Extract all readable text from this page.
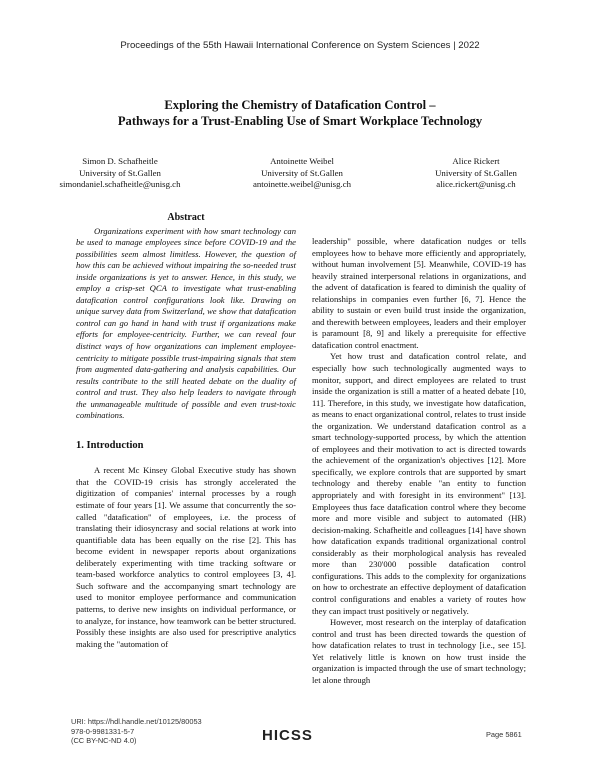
Proceedings of the 55th Hawaii International Conference on System Sciences | 2022
Exploring the Chemistry of Datafication Control –
Pathways for a Trust-Enabling Use of Smart Workplace Technology
Simon D. Schafheitle
University of St.Gallen
simondaniel.schafheitle@unisg.ch
Antoinette Weibel
University of St.Gallen
antoinette.weibel@unisg.ch
Alice Rickert
University of St.Gallen
alice.rickert@unisg.ch
Abstract

Organizations experiment with how smart technology can be used to manage employees since before COVID-19 and the possibilities seem almost limitless. However, the question of how this can be achieved without impairing the so-needed trust inside organizations is yet to answer. Hence, in this study, we employ a crisp-set QCA to investigate what trust-enabling datafication control configurations look like. Drawing on unique survey data from Switzerland, we show that datafication control can go hand in hand with trust if organizations make efforts for employee-centricity. Further, we can reveal four distinct ways of how organizations can implement employee-centricity to mitigate possible trust-impairing signals that stem from augmented data-gathering and analysis capabilities. Our results contribute to the still heated debate on the duality of control and trust. They also help leaders to navigate through the unmanageable multitude of possible and even trust-toxic combinations.

1. Introduction

A recent Mc Kinsey Global Executive study has shown that the COVID-19 crisis has strongly accelerated the digitization of companies' internal processes by a rough estimate of four years [1]. We assume that concurrently the so-called "datafication" of employees, i.e. the process of translating their idiosyncrasy and social relations at work into quantifiable data has been equally on the rise [2]. This has become evident in newspaper reports about organizations deliberately experimenting with time tracking software or team-based workforce analytics to control employees [3, 4]. Such software and the accompanying smart technology are used to monitor employee performance and communication patterns, to derive new insights on individual performance, or to analyze, for instance, how teamwork can be better structured. Possibly these insights are also used for prescriptive analytics making the "automation of

leadership" possible, where datafication nudges or tells employees how to behave more efficiently and appropriately, without human involvement [5]. Meanwhile, COVID-19 has heavily strained interpersonal relations in organizations, and the advent of datafication is feared to diminish the quality of relationships in companies even further [6, 7]. Hence the ability to sustain or even build trust inside the organization, and therewith between employees, leaders and their employer is paramount [8, 9] and likely a prerequisite for effective datafication control enactment.

Yet how trust and datafication control relate, and especially how such technologically augmented ways to monitor, support, and direct employees are related to trust inside the organization is still a matter of a heated debate [10, 11]. Therefore, in this study, we investigate how datafication, as means to enact organizational control, relates to trust inside the organization. We understand datafication control as a smart technology-supported process, by which the attention of employees and their motivation to act is directed towards the achievement of the organization's objectives [12]. More specifically, we explore controls that are supported by smart technology and thereby enable "an entity to function appropriately and with foresight in its environment" [13]. Employees thus face datafication control where they become more and more visible and subject to automated (HR) decision-making. Schafheitle and colleagues [14] have shown how datafication expands traditional organizational control considerably as their morphological analysis has revealed more than 230'000 possible datafication control configurations. This adds to the complexity for organizations on how to orchestrate an effective deployment of datafication control configurations and enables a variety of routes how they can impact trust positively or negatively.

However, most research on the interplay of datafication control and trust has been directed towards the question of how datafication relates to trust in technology [i.e., see 15]. Yet relatively little is known on how trust inside the organization is impacted through the use of smart technology; let alone through

URI: https://hdl.handle.net/10125/80053
978-0-9981331-5-7
(CC BY-NC-ND 4.0)	HICSS	Page 5861
